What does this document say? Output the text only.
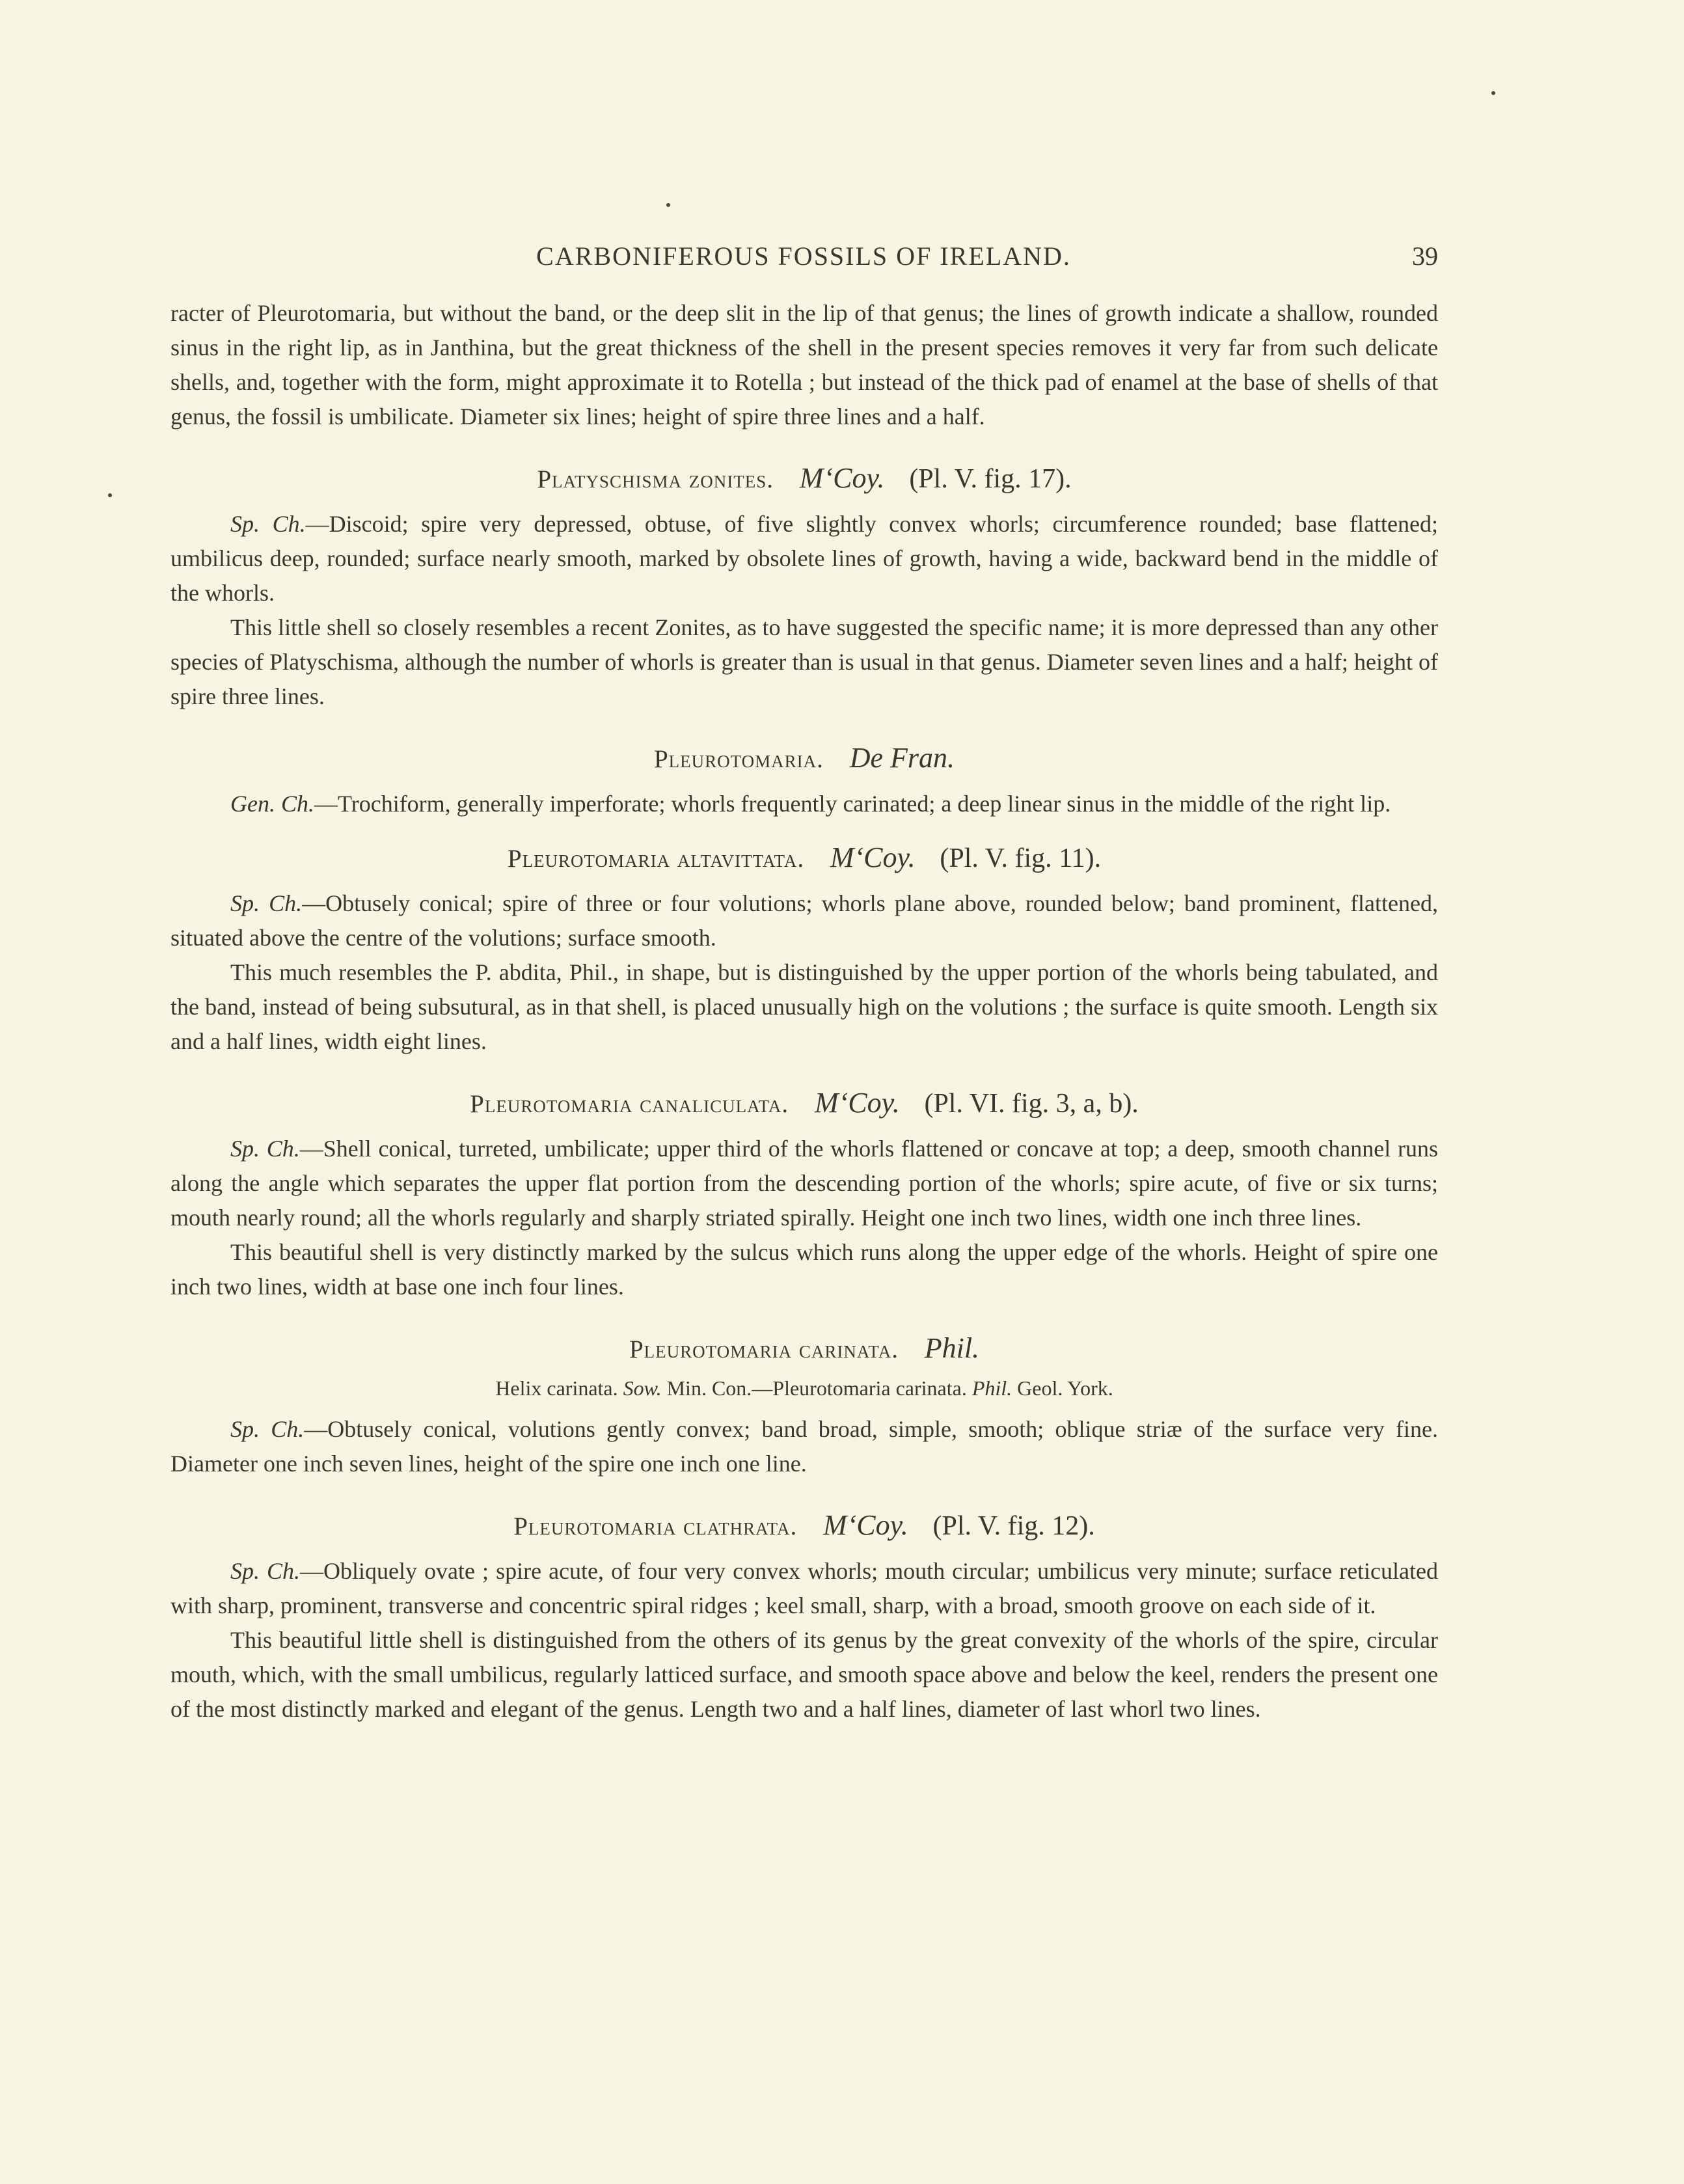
CARBONIFEROUS FOSSILS OF IRELAND.	39

racter of Pleurotomaria, but without the band, or the deep slit in the lip of that genus; the lines of growth indicate a shallow, rounded sinus in the right lip, as in Janthina, but the great thickness of the shell in the present species removes it very far from such delicate shells, and, together with the form, might approximate it to Rotella ; but instead of the thick pad of enamel at the base of shells of that genus, the fossil is umbilicate. Diameter six lines; height of spire three lines and a half.

Platyschisma zonites. M‘Coy. (Pl. V. fig. 17).

Sp. Ch.—Discoid; spire very depressed, obtuse, of five slightly convex whorls; circumference rounded; base flattened; umbilicus deep, rounded; surface nearly smooth, marked by obsolete lines of growth, having a wide, backward bend in the middle of the whorls.

This little shell so closely resembles a recent Zonites, as to have suggested the specific name; it is more depressed than any other species of Platyschisma, although the number of whorls is greater than is usual in that genus. Diameter seven lines and a half; height of spire three lines.

Pleurotomaria. De Fran.

Gen. Ch.—Trochiform, generally imperforate; whorls frequently carinated; a deep linear sinus in the middle of the right lip.

Pleurotomaria altavittata. M‘Coy. (Pl. V. fig. 11).

Sp. Ch.—Obtusely conical; spire of three or four volutions; whorls plane above, rounded below; band prominent, flattened, situated above the centre of the volutions; surface smooth.

This much resembles the P. abdita, Phil., in shape, but is distinguished by the upper portion of the whorls being tabulated, and the band, instead of being subsutural, as in that shell, is placed unusually high on the volutions ; the surface is quite smooth. Length six and a half lines, width eight lines.

Pleurotomaria canaliculata. M‘Coy. (Pl. VI. fig. 3, a, b).

Sp. Ch.—Shell conical, turreted, umbilicate; upper third of the whorls flattened or concave at top; a deep, smooth channel runs along the angle which separates the upper flat portion from the descending portion of the whorls; spire acute, of five or six turns; mouth nearly round; all the whorls regularly and sharply striated spirally. Height one inch two lines, width one inch three lines.

This beautiful shell is very distinctly marked by the sulcus which runs along the upper edge of the whorls. Height of spire one inch two lines, width at base one inch four lines.

Pleurotomaria carinata. Phil.

Helix carinata. Sow. Min. Con.—Pleurotomaria carinata. Phil. Geol. York.

Sp. Ch.—Obtusely conical, volutions gently convex; band broad, simple, smooth; oblique striæ of the surface very fine. Diameter one inch seven lines, height of the spire one inch one line.

Pleurotomaria clathrata. M‘Coy. (Pl. V. fig. 12).

Sp. Ch.—Obliquely ovate ; spire acute, of four very convex whorls; mouth circular; umbilicus very minute; surface reticulated with sharp, prominent, transverse and concentric spiral ridges ; keel small, sharp, with a broad, smooth groove on each side of it.

This beautiful little shell is distinguished from the others of its genus by the great convexity of the whorls of the spire, circular mouth, which, with the small umbilicus, regularly latticed surface, and smooth space above and below the keel, renders the present one of the most distinctly marked and elegant of the genus. Length two and a half lines, diameter of last whorl two lines.
